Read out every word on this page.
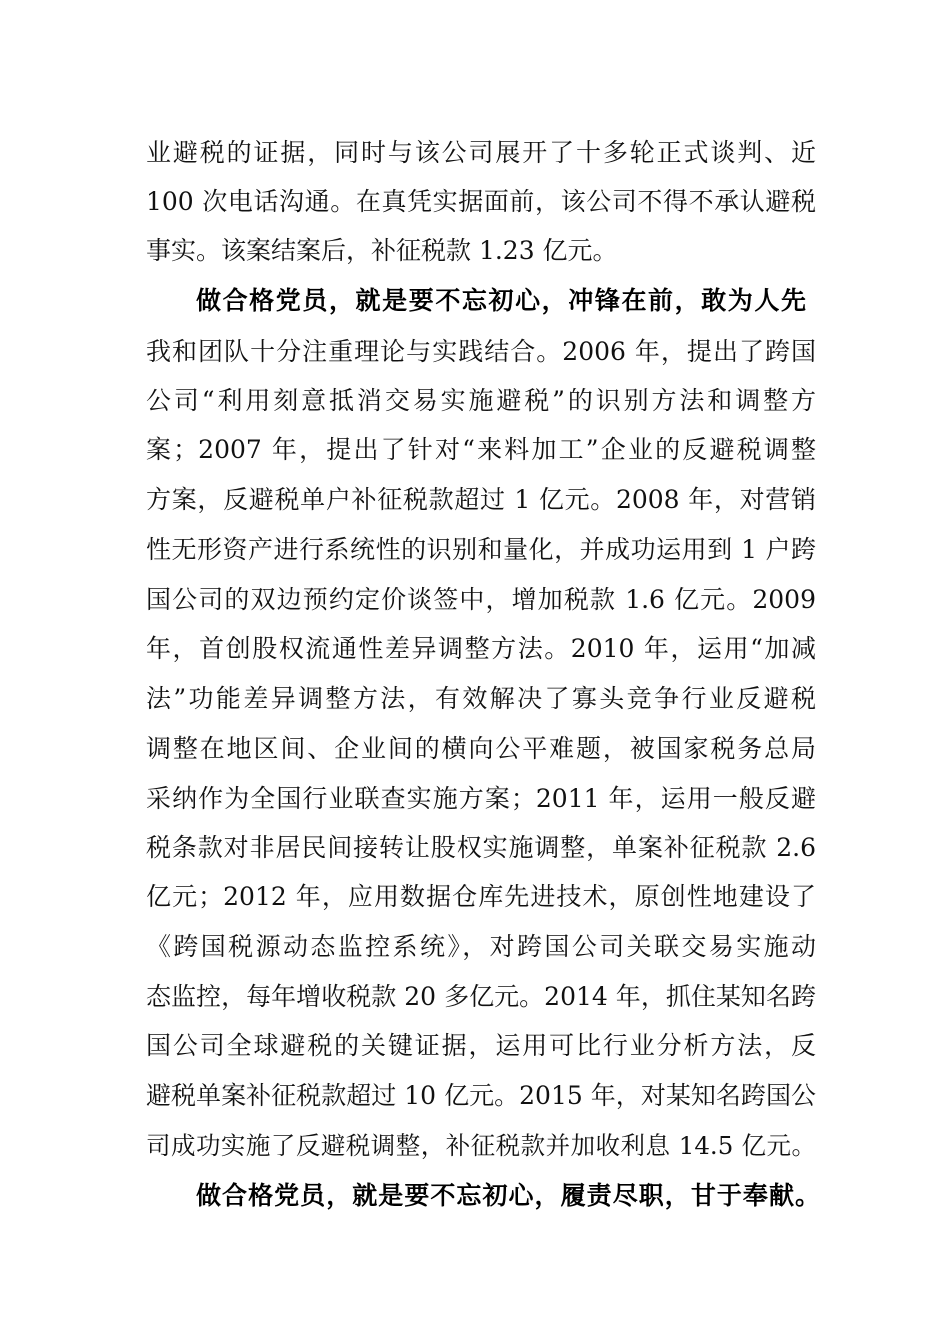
业避税的证据，同时与该公司展开了十多轮正式谈判、近
100 次电话沟通。在真凭实据面前，该公司不得不承认避税
事实。该案结案后，补征税款 1.23 亿元。
做合格党员，就是要不忘初心，冲锋在前，敢为人先
我和团队十分注重理论与实践结合。2006 年，提出了跨国
公司“利用刻意抵消交易实施避税”的识别方法和调整方
案；2007 年，提出了针对“来料加工”企业的反避税调整
方案，反避税单户补征税款超过 1 亿元。2008 年，对营销
性无形资产进行系统性的识别和量化，并成功运用到 1 户跨
国公司的双边预约定价谈签中，增加税款 1.6 亿元。2009
年，首创股权流通性差异调整方法。2010 年，运用“加减
法”功能差异调整方法，有效解决了寡头竞争行业反避税
调整在地区间、企业间的横向公平难题，被国家税务总局
采纳作为全国行业联查实施方案；2011 年，运用一般反避
税条款对非居民间接转让股权实施调整，单案补征税款 2.6
亿元；2012 年，应用数据仓库先进技术，原创性地建设了
《跨国税源动态监控系统》，对跨国公司关联交易实施动
态监控，每年增收税款 20 多亿元。2014 年，抓住某知名跨
国公司全球避税的关键证据，运用可比行业分析方法，反
避税单案补征税款超过 10 亿元。2015 年，对某知名跨国公
司成功实施了反避税调整，补征税款并加收利息 14.5 亿元。
做合格党员，就是要不忘初心，履责尽职，甘于奉献。
